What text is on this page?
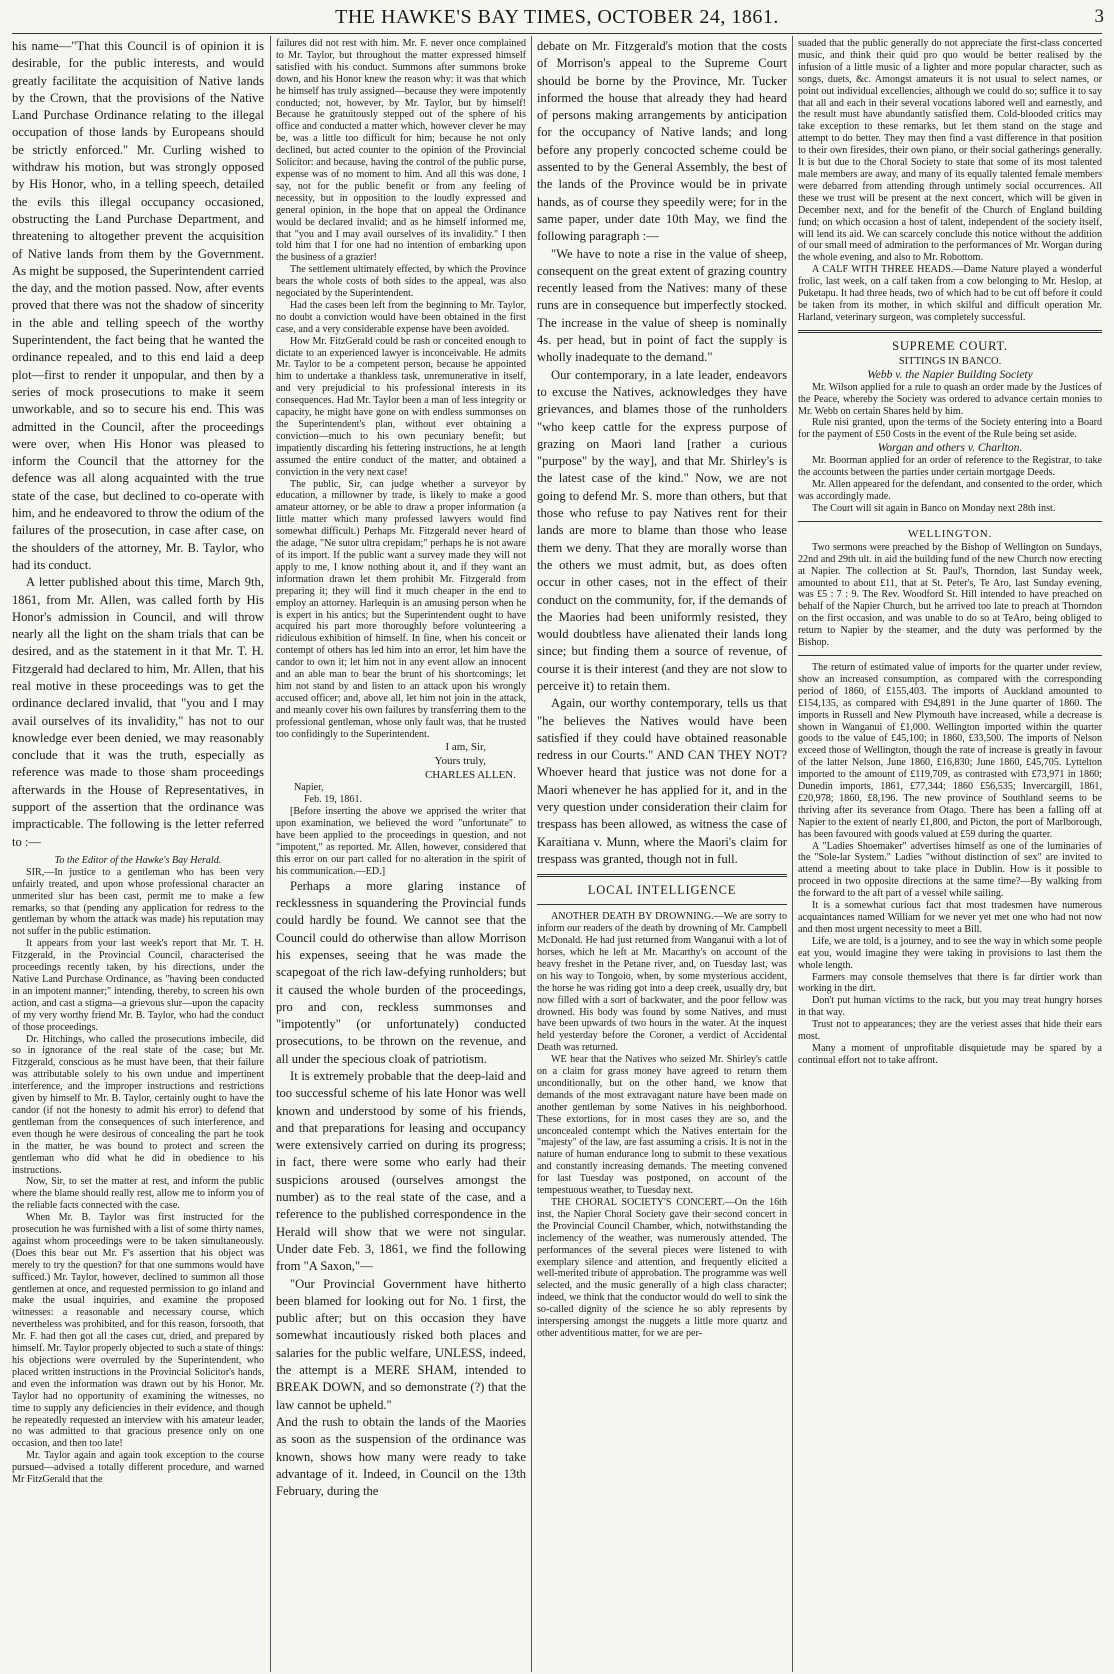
THE HAWKE'S BAY TIMES, OCTOBER 24, 1861.	3

his name—"That this Council is of opinion it is desirable, for the public interests, and would greatly facilitate the acquisition of Native lands by the Crown, that the provisions of the Native Land Purchase Ordinance relating to the illegal occupation of those lands by Europeans should be strictly enforced." Mr. Curling wished to withdraw his motion, but was strongly opposed by His Honor, who, in a telling speech, detailed the evils this illegal occupancy occasioned, obstructing the Land Purchase Department, and threatening to altogether prevent the acquisition of Native lands from them by the Government. As might be supposed, the Superintendent carried the day, and the motion passed. Now, after events proved that there was not the shadow of sincerity in the able and telling speech of the worthy Superintendent, the fact being that he wanted the ordinance repealed, and to this end laid a deep plot—first to render it unpopular, and then by a series of mock prosecutions to make it seem unworkable, and so to secure his end. This was admitted in the Council, after the proceedings were over, when His Honor was pleased to inform the Council that the attorney for the defence was all along acquainted with the true state of the case, but declined to co-operate with him, and he endeavored to throw the odium of the failures of the prosecution, in case after case, on the shoulders of the attorney, Mr. B. Taylor, who had its conduct.

A letter published about this time, March 9th, 1861, from Mr. Allen, was called forth by His Honor's admission in Council, and will throw nearly all the light on the sham trials that can be desired, and as the statement in it that Mr. T. H. Fitzgerald had declared to him, Mr. Allen, that his real motive in these proceedings was to get the ordinance declared invalid, that "you and I may avail ourselves of its invalidity," has not to our knowledge ever been denied, we may reasonably conclude that it was the truth, especially as reference was made to those sham proceedings afterwards in the House of Representatives, in support of the assertion that the ordinance was impracticable. The following is the letter referred to :—

To the Editor of the Hawke's Bay Herald.

SIR,—In justice to a gentleman who has been very unfairly treated, and upon whose professional character an unmerited slur has been cast, permit me to make a few remarks, so that (pending any application for redress to the gentleman by whom the attack was made) his reputation may not suffer in the public estimation.

It appears from your last week's report that Mr. T. H. Fitzgerald, in the Provincial Council, characterised the proceedings recently taken, by his directions, under the Native Land Purchase Ordinance, as "having been conducted in an impotent manner;" intending, thereby, to screen his own action, and cast a stigma—a grievous slur—upon the capacity of my very worthy friend Mr. B. Taylor, who had the conduct of those proceedings.

Dr. Hitchings, who called the prosecutions imbecile, did so in ignorance of the real state of the case; but Mr. Fitzgerald, conscious as he must have been, that their failure was attributable solely to his own undue and impertinent interference, and the improper instructions and restrictions given by himself to Mr. B. Taylor, certainly ought to have the candor (if not the honesty to admit his error) to defend that gentleman from the consequences of such interference, and even though he were desirous of concealing the part he took in the matter, he was bound to protect and screen the gentleman who did what he did in obedience to his instructions.

Now, Sir, to set the matter at rest, and inform the public where the blame should really rest, allow me to inform you of the reliable facts connected with the case.

When Mr. B. Taylor was first instructed for the prosecution he was furnished with a list of some thirty names, against whom proceedings were to be taken simultaneously. (Does this bear out Mr. F's assertion that his object was merely to try the question? for that one summons would have sufficed.) Mr. Taylor, however, declined to summon all those gentlemen at once, and requested permission to go inland and make the usual inquiries, and examine the proposed witnesses: a reasonable and necessary course, which nevertheless was prohibited, and for this reason, forsooth, that Mr. F. had then got all the cases cut, dried, and prepared by himself. Mr. Taylor properly objected to such a state of things: his objections were overruled by the Superintendent, who placed written instructions in the Provincial Solicitor's hands, and even the information was drawn out by his Honor. Mr. Taylor had no opportunity of examining the witnesses, no time to supply any deficiencies in their evidence, and though he repeatedly requested an interview with his amateur leader, no was admitted to that gracious presence only on one occasion, and then too late!

Mr. Taylor again and again took exception to the course pursued—advised a totally different procedure, and warned Mr FitzGerald that the

failures did not rest with him. Mr. F. never once complained to Mr. Taylor, but throughout the matter expressed himself satisfied with his conduct. Summons after summons broke down, and his Honor knew the reason why: it was that which he himself has truly assigned—because they were impotently conducted; not, however, by Mr. Taylor, but by himself! Because he gratuitously stepped out of the sphere of his office and conducted a matter which, however clever he may be, was a little too difficult for him; because he not only declined, but acted counter to the opinion of the Provincial Solicitor: and because, having the control of the public purse, expense was of no moment to him. And all this was done, I say, not for the public benefit or from any feeling of necessity, but in opposition to the loudly expressed and general opinion, in the hope that on appeal the Ordinance would be declared invalid; and as he himself informed me, that "you and I may avail ourselves of its invalidity." I then told him that I for one had no intention of embarking upon the business of a grazier!

The settlement ultimately effected, by which the Province bears the whole costs of both sides to the appeal, was also negociated by the Superintendent.

Had the cases been left from the beginning to Mr. Taylor, no doubt a conviction would have been obtained in the first case, and a very considerable expense have been avoided.

How Mr. FitzGerald could be rash or conceited enough to dictate to an experienced lawyer is inconceivable. He admits Mr. Taylor to be a competent person, because he appointed him to undertake a thankless task, unremunerative in itself, and very prejudicial to his professional interests in its consequences. Had Mr. Taylor been a man of less integrity or capacity, he might have gone on with endless summonses on the Superintendent's plan, without ever obtaining a conviction—much to his own pecuniary benefit; but impatiently discarding his fettering instructions, he at length assumed the entire conduct of the matter, and obtained a conviction in the very next case!

The public, Sir, can judge whether a surveyor by education, a millowner by trade, is likely to make a good amateur attorney, or be able to draw a proper information (a little matter which many professed lawyers would find somewhat difficult.) Perhaps Mr. Fitzgerald never heard of the adage, "Ne sutor ultra crepidam;" perhaps he is not aware of its import. If the public want a survey made they will not apply to me, I know nothing about it, and if they want an information drawn let them prohibit Mr. Fitzgerald from preparing it; they will find it much cheaper in the end to employ an attorney. Harlequin is an amusing person when he is expert in his antics; but the Superintendent ought to have acquired his part more thoroughly before volunteering a ridiculous exhibition of himself. In fine, when his conceit or contempt of others has led him into an error, let him have the candor to own it; let him not in any event allow an innocent and an able man to bear the brunt of his shortcomings; let him not stand by and listen to an attack upon his wrongly accused officer; and, above all, let him not join in the attack, and meanly cover his own failures by transferring them to the professional gentleman, whose only fault was, that he trusted too confidingly to the Superintendent.

I am, Sir,

Yours truly,

CHARLES ALLEN.

Napier,

Feb. 19, 1861.

[Before inserting the above we apprised the writer that upon examination, we believed the word "unfortunate" to have been applied to the proceedings in question, and not "impotent," as reported. Mr. Allen, however, considered that this error on our part called for no alteration in the spirit of his communication.—ED.]

Perhaps a more glaring instance of recklessness in squandering the Provincial funds could hardly be found. We cannot see that the Council could do otherwise than allow Morrison his expenses, seeing that he was made the scapegoat of the rich law-defying runholders; but it caused the whole burden of the proceedings, pro and con, reckless summonses and "impotently" (or unfortunately) conducted prosecutions, to be thrown on the revenue, and all under the specious cloak of patriotism.

It is extremely probable that the deep-laid and too successful scheme of his late Honor was well known and understood by some of his friends, and that preparations for leasing and occupancy were extensively carried on during its progress; in fact, there were some who early had their suspicions aroused (ourselves amongst the number) as to the real state of the case, and a reference to the published correspondence in the Herald will show that we were not singular. Under date Feb. 3, 1861, we find the following from "A Saxon,"—

"Our Provincial Government have hitherto been blamed for looking out for No. 1 first, the public after; but on this occasion they have somewhat incautiously risked both places and salaries for the public welfare, UNLESS, indeed, the attempt is a MERE SHAM, intended to BREAK DOWN, and so demonstrate (?) that the law cannot be upheld."

And the rush to obtain the lands of the Maories as soon as the suspension of the ordinance was known, shows how many were ready to take advantage of it. Indeed, in Council on the 13th February, during the

debate on Mr. Fitzgerald's motion that the costs of Morrison's appeal to the Supreme Court should be borne by the Province, Mr. Tucker informed the house that already they had heard of persons making arrangements by anticipation for the occupancy of Native lands; and long before any properly concocted scheme could be assented to by the General Assembly, the best of the lands of the Province would be in private hands, as of course they speedily were; for in the same paper, under date 10th May, we find the following paragraph :—

"We have to note a rise in the value of sheep, consequent on the great extent of grazing country recently leased from the Natives: many of these runs are in consequence but imperfectly stocked. The increase in the value of sheep is nominally 4s. per head, but in point of fact the supply is wholly inadequate to the demand."

Our contemporary, in a late leader, endeavors to excuse the Natives, acknowledges they have grievances, and blames those of the runholders "who keep cattle for the express purpose of grazing on Maori land [rather a curious "purpose" by the way], and that Mr. Shirley's is the latest case of the kind." Now, we are not going to defend Mr. S. more than others, but that those who refuse to pay Natives rent for their lands are more to blame than those who lease them we deny. That they are morally worse than the others we must admit, but, as does often occur in other cases, not in the effect of their conduct on the community, for, if the demands of the Maories had been uniformly resisted, they would doubtless have alienated their lands long since; but finding them a source of revenue, of course it is their interest (and they are not slow to perceive it) to retain them.

Again, our worthy contemporary, tells us that "he believes the Natives would have been satisfied if they could have obtained reasonable redress in our Courts." AND CAN THEY NOT? Whoever heard that justice was not done for a Maori whenever he has applied for it, and in the very question under consideration their claim for trespass has been allowed, as witness the case of Karaitiana v. Munn, where the Maori's claim for trespass was granted, though not in full.

LOCAL INTELLIGENCE

ANOTHER DEATH BY DROWNING.—We are sorry to inform our readers of the death by drowning of Mr. Campbell McDonald. He had just returned from Wanganui with a lot of horses, which he left at Mr. Macarthy's on account of the heavy freshet in the Petane river, and, on Tuesday last, was on his way to Tongoio, when, by some mysterious accident, the horse he was riding got into a deep creek, usually dry, but now filled with a sort of backwater, and the poor fellow was drowned. His body was found by some Natives, and must have been upwards of two hours in the water. At the inquest held yesterday before the Coroner, a verdict of Accidental Death was returned.

WE hear that the Natives who seized Mr. Shirley's cattle on a claim for grass money have agreed to return them unconditionally, but on the other hand, we know that demands of the most extravagant nature have been made on another gentleman by some Natives in his neighborhood. These extortions, for in most cases they are so, and the unconcealed contempt which the Natives entertain for the "majesty" of the law, are fast assuming a crisis. It is not in the nature of human endurance long to submit to these vexatious and constantly increasing demands. The meeting convened for last Tuesday was postponed, on account of the tempestuous weather, to Tuesday next.

THE CHORAL SOCIETY'S CONCERT.—On the 16th inst, the Napier Choral Society gave their second concert in the Provincial Council Chamber, which, notwithstanding the inclemency of the weather, was numerously attended. The performances of the several pieces were listened to with exemplary silence and attention, and frequently elicited a well-merited tribute of approbation. The programme was well selected, and the music generally of a high class character; indeed, we think that the conductor would do well to sink the so-called dignity of the science he so ably represents by interspersing amongst the nuggets a little more quartz and other adventitious matter, for we are per-

suaded that the public generally do not appreciate the first-class concerted music, and think their quid pro quo would be better realised by the infusion of a little music of a lighter and more popular character, such as songs, duets, &c. Amongst amateurs it is not usual to select names, or point out individual excellencies, although we could do so; suffice it to say that all and each in their several vocations labored well and earnestly, and the result must have abundantly satisfied them. Cold-blooded critics may take exception to these remarks, but let them stand on the stage and attempt to do better. They may then find a vast difference in that position to their own firesides, their own piano, or their social gatherings generally. It is but due to the Choral Society to state that some of its most talented male members are away, and many of its equally talented female members were debarred from attending through untimely social occurrences. All these we trust will be present at the next concert, which will be given in December next, and for the benefit of the Church of England building fund; on which occasion a host of talent, independent of the society itself, will lend its aid. We can scarcely conclude this notice without the addition of our small meed of admiration to the performances of Mr. Worgan during the whole evening, and also to Mr. Robottom.

A CALF WITH THREE HEADS.—Dame Nature played a wonderful frolic, last week, on a calf taken from a cow belonging to Mr. Heslop, at Puketapu. It had three heads, two of which had to be cut off before it could be taken from its mother, in which skilful and difficult operation Mr. Harland, veterinary surgeon, was completely successful.

SUPREME COURT.
SITTINGS IN BANCO.
Webb v. the Napier Building Society

Mr. Wilson applied for a rule to quash an order made by the Justices of the Peace, whereby the Society was ordered to advance certain monies to Mr. Webb on certain Shares held by him.

Rule nisi granted, upon the terms of the Society entering into a Board for the payment of £50 Costs in the event of the Rule being set aside.

Worgan and others v. Charlton.

Mr. Boorman applied for an order of reference to the Registrar, to take the accounts between the parties under certain mortgage Deeds.

Mr. Allen appeared for the defendant, and consented to the order, which was accordingly made.

The Court will sit again in Banco on Monday next 28th inst.

WELLINGTON.

Two sermons were preached by the Bishop of Wellington on Sundays, 22nd and 29th ult. in aid the building fund of the new Church now erecting at Napier. The collection at St. Paul's, Thorndon, last Sunday week, amounted to about £11, that at St. Peter's, Te Aro, last Sunday evening, was £5 : 7 : 9. The Rev. Woodford St. Hill intended to have preached on behalf of the Napier Church, but he arrived too late to preach at Thorndon on the first occasion, and was unable to do so at TeAro, being obliged to return to Napier by the steamer, and the duty was performed by the Bishop.

The return of estimated value of imports for the quarter under review, show an increased consumption, as compared with the corresponding period of 1860, of £155,403. The imports of Auckland amounted to £154,135, as compared with £94,891 in the June quarter of 1860. The imports in Russell and New Plymouth have increased, while a decrease is shown in Wanganui of £1,000. Wellington imported within the quarter goods to the value of £45,100; in 1860, £33,500. The imports of Nelson exceed those of Wellington, though the rate of increase is greatly in favour of the latter Nelson, June 1860, £16,830; June 1860, £45,705. Lyttelton imported to the amount of £119,709, as contrasted with £73,971 in 1860; Dunedin imports, 1861, £77,344; 1860 £56,535; Invercargill, 1861, £20,978; 1860, £8,196. The new province of Southland seems to be thriving after its severance from Otago. There has been a falling off at Napier to the extent of nearly £1,800, and Picton, the port of Marlborough, has been favoured with goods valued at £59 during the quarter.

A "Ladies Shoemaker" advertises himself as one of the luminaries of the "Sole-lar System." Ladies "without distinction of sex" are invited to attend a meeting about to take place in Dublin. How is it possible to proceed in two opposite directions at the same time?—By walking from the forward to the aft part of a vessel while sailing.

It is a somewhat curious fact that most tradesmen have numerous acquaintances named William for we never yet met one who had not now and then most urgent necessity to meet a Bill.

Life, we are told, is a journey, and to see the way in which some people eat you, would imagine they were taking in provisions to last them the whole length.

Farmers may console themselves that there is far dirtier work than working in the dirt.

Don't put human victims to the rack, but you may treat hungry horses in that way.

Trust not to appearances; they are the veriest asses that hide their ears most.

Many a moment of unprofitable disquietude may be spared by a continual effort not to take affront.
